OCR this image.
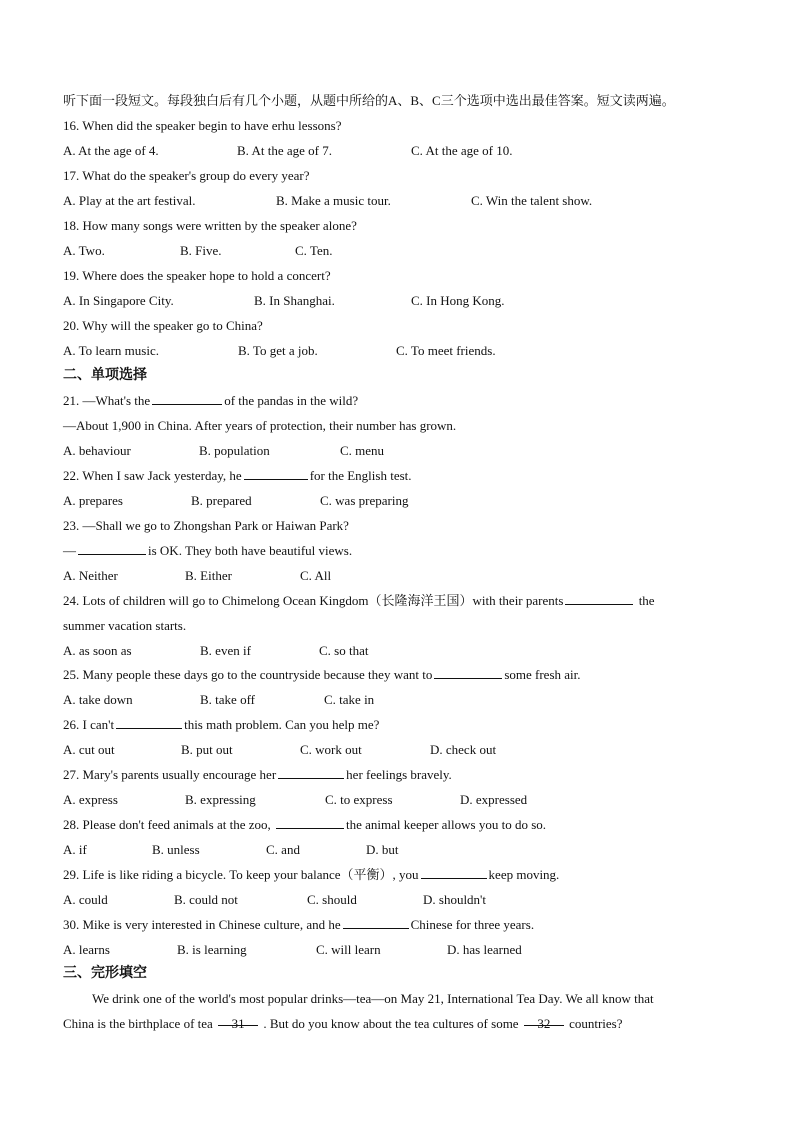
听下面一段短文。每段独白后有几个小题，从题中所给的A、B、C三个选项中选出最佳答案。短文读两遍。
16. When did the speaker begin to have erhu lessons?
A. At the age of 4.	B. At the age of 7.	C. At the age of 10.
17. What do the speaker's group do every year?
A. Play at the art festival.	B. Make a music tour.	C. Win the talent show.
18. How many songs were written by the speaker alone?
A. Two.	B. Five.	C. Ten.
19. Where does the speaker hope to hold a concert?
A. In Singapore City.	B. In Shanghai.	C. In Hong Kong.
20. Why will the speaker go to China?
A. To learn music.	B. To get a job.	C. To meet friends.
二、单项选择
21. —What's the	of the pandas in the wild?
—About 1,900 in China. After years of protection, their number has grown.
A. behaviour	B. population	C. menu
22. When I saw Jack yesterday, he	for the English test.
A. prepares	B. prepared	C. was preparing
23. —Shall we go to Zhongshan Park or Haiwan Park?
—	is OK. They both have beautiful views.
A. Neither	B. Either	C. All
24. Lots of children will go to Chimelong Ocean Kingdom（长隆海洋王国）with their parents	the
summer vacation starts.
A. as soon as	B. even if	C. so that
25. Many people these days go to the countryside because they want to	some fresh air.
A. take down	B. take off	C. take in
26. I can't	this math problem. Can you help me?
A. cut out	B. put out	C. work out	D. check out
27. Mary's parents usually encourage her	her feelings bravely.
A. express	B. expressing	C. to express	D. expressed
28. Please don't feed animals at the zoo,	the animal keeper allows you to do so.
A. if	B. unless	C. and	D. but
29. Life is like riding a bicycle. To keep your balance（平衡）, you	keep moving.
A. could	B. could not	C. should	D. shouldn't
30. Mike is very interested in Chinese culture, and he	Chinese for three years.
A. learns	B. is learning	C. will learn	D. has learned
三、完形填空
We drink one of the world's most popular drinks—tea—on May 21, International Tea Day. We all know that
China is the birthplace of tea 31 . But do you know about the tea cultures of some 32 countries?
